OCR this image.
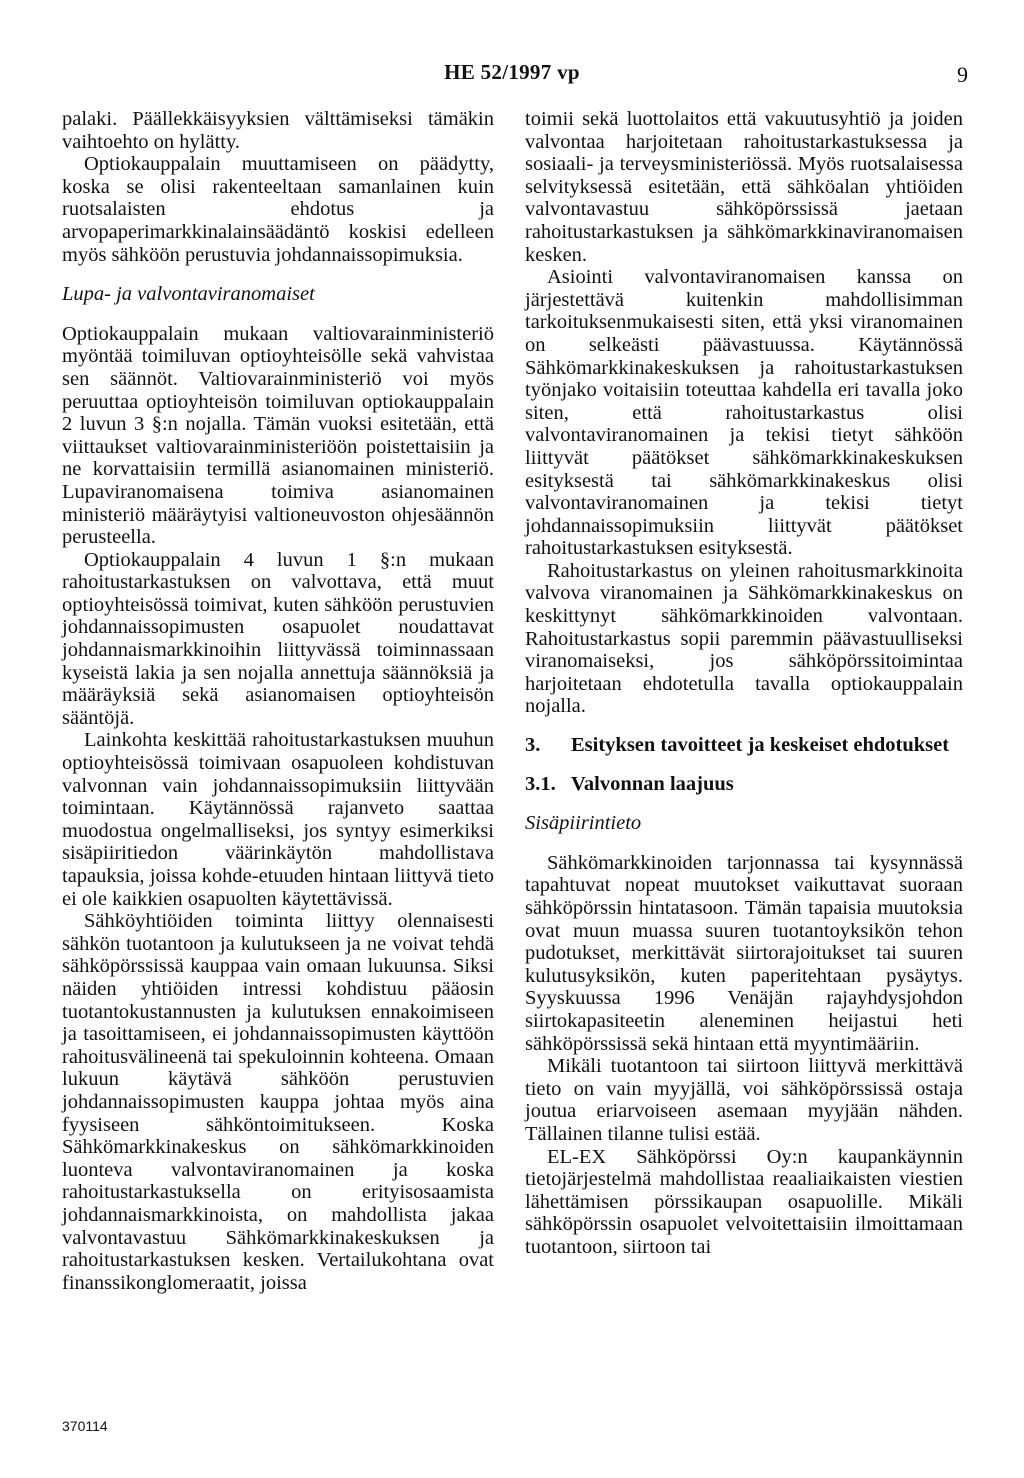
HE 52/1997 vp	9

palaki. Päällekkäisyyksien välttämiseksi tämäkin vaihtoehto on hylätty.

Optiokauppalain muuttamiseen on päädytty, koska se olisi rakenteeltaan samanlainen kuin ruotsalaisten ehdotus ja arvopaperimarkkinalainsäädäntö koskisi edelleen myös sähköön perustuvia johdannaissopimuksia.

Lupa- ja valvontaviranomaiset

Optiokauppalain mukaan valtiovarainministeriö myöntää toimiluvan optioyhteisölle sekä vahvistaa sen säännöt. Valtiovarainministeriö voi myös peruuttaa optioyhteisön toimiluvan optiokauppalain 2 luvun 3 §:n nojalla. Tämän vuoksi esitetään, että viittaukset valtiovarainministeriöön poistettaisiin ja ne korvattaisiin termillä asianomainen ministeriö. Lupaviranomaisena toimiva asianomainen ministeriö määräytyisi valtioneuvoston ohjesäännön perusteella.

Optiokauppalain 4 luvun 1 §:n mukaan rahoitustarkastuksen on valvottava, että muut optioyhteisössä toimivat, kuten sähköön perustuvien johdannaissopimusten osapuolet noudattavat johdannaismarkkinoihin liittyvässä toiminnassaan kyseistä lakia ja sen nojalla annettuja säännöksiä ja määräyksiä sekä asianomaisen optioyhteisön sääntöjä.

Lainkohta keskittää rahoitustarkastuksen muuhun optioyhteisössä toimivaan osapuoleen kohdistuvan valvonnan vain johdannaissopimuksiin liittyvään toimintaan. Käytännössä rajanveto saattaa muodostua ongelmalliseksi, jos syntyy esimerkiksi sisäpiiritiedon väärinkäytön mahdollistava tapauksia, joissa kohde-etuuden hintaan liittyvä tieto ei ole kaikkien osapuolten käytettävissä.

Sähköyhtiöiden toiminta liittyy olennaisesti sähkön tuotantoon ja kulutukseen ja ne voivat tehdä sähköpörssissä kauppaa vain omaan lukuunsa. Siksi näiden yhtiöiden intressi kohdistuu pääosin tuotantokustannusten ja kulutuksen ennakoimiseen ja tasoittamiseen, ei johdannaissopimusten käyttöön rahoitusvälineenä tai spekuloinnin kohteena. Omaan lukuun käytävä sähköön perustuvien johdannaissopimusten kauppa johtaa myös aina fyysiseen sähköntoimitukseen. Koska Sähkömarkkinakeskus on sähkömarkkinoiden luonteva valvontaviranomainen ja koska rahoitustarkastuksella on erityisosaamista johdannaismarkkinoista, on mahdollista jakaa valvontavastuu Sähkömarkkinakeskuksen ja rahoitustarkastuksen kesken. Vertailukohtana ovat finanssikonglomeraatit, joissa

toimii sekä luottolaitos että vakuutusyhtiö ja joiden valvontaa harjoitetaan rahoitustarkastuksessa ja sosiaali- ja terveysministeriössä. Myös ruotsalaisessa selvityksessä esitetään, että sähköalan yhtiöiden valvontavastuu sähköpörssissä jaetaan rahoitustarkastuksen ja sähkömarkkinaviranomaisen kesken.

Asiointi valvontaviranomaisen kanssa on järjestettävä kuitenkin mahdollisimman tarkoituksenmukaisesti siten, että yksi viranomainen on selkeästi päävastuussa. Käytännössä Sähkömarkkinakeskuksen ja rahoitustarkastuksen työnjako voitaisiin toteuttaa kahdella eri tavalla joko siten, että rahoitustarkastus olisi valvontaviranomainen ja tekisi tietyt sähköön liittyvät päätökset sähkömarkkinakeskuksen esityksestä tai sähkömarkkinakeskus olisi valvontaviranomainen ja tekisi tietyt johdannaissopimuksiin liittyvät päätökset rahoitustarkastuksen esityksestä.

Rahoitustarkastus on yleinen rahoitusmarkkinoita valvova viranomainen ja Sähkömarkkinakeskus on keskittynyt sähkömarkkinoiden valvontaan. Rahoitustarkastus sopii paremmin päävastuulliseksi viranomaiseksi, jos sähköpörssitoimintaa harjoitetaan ehdotetulla tavalla optiokauppalain nojalla.

3.	Esityksen tavoitteet ja keskeiset ehdotukset
3.1. Valvonnan laajuus
Sisäpiirintieto

Sähkömarkkinoiden tarjonnassa tai kysynnässä tapahtuvat nopeat muutokset vaikuttavat suoraan sähköpörssin hintatasoon. Tämän tapaisia muutoksia ovat muun muassa suuren tuotantoyksikön tehon pudotukset, merkittävät siirtorajoitukset tai suuren kulutusyksikön, kuten paperitehtaan pysäytys. Syyskuussa 1996 Venäjän rajayhdysjohdon siirtokapasiteetin aleneminen heijastui heti sähköpörssissä sekä hintaan että myyntimääriin.

Mikäli tuotantoon tai siirtoon liittyvä merkittävä tieto on vain myyjällä, voi sähköpörssissä ostaja joutua eriarvoiseen asemaan myyjään nähden. Tällainen tilanne tulisi estää.

EL-EX Sähköpörssi Oy:n kaupankäynnin tietojärjestelmä mahdollistaa reaaliaikaisten viestien lähettämisen pörssikaupan osapuolille. Mikäli sähköpörssin osapuolet velvoitettaisiin ilmoittamaan tuotantoon, siirtoon tai

370114
